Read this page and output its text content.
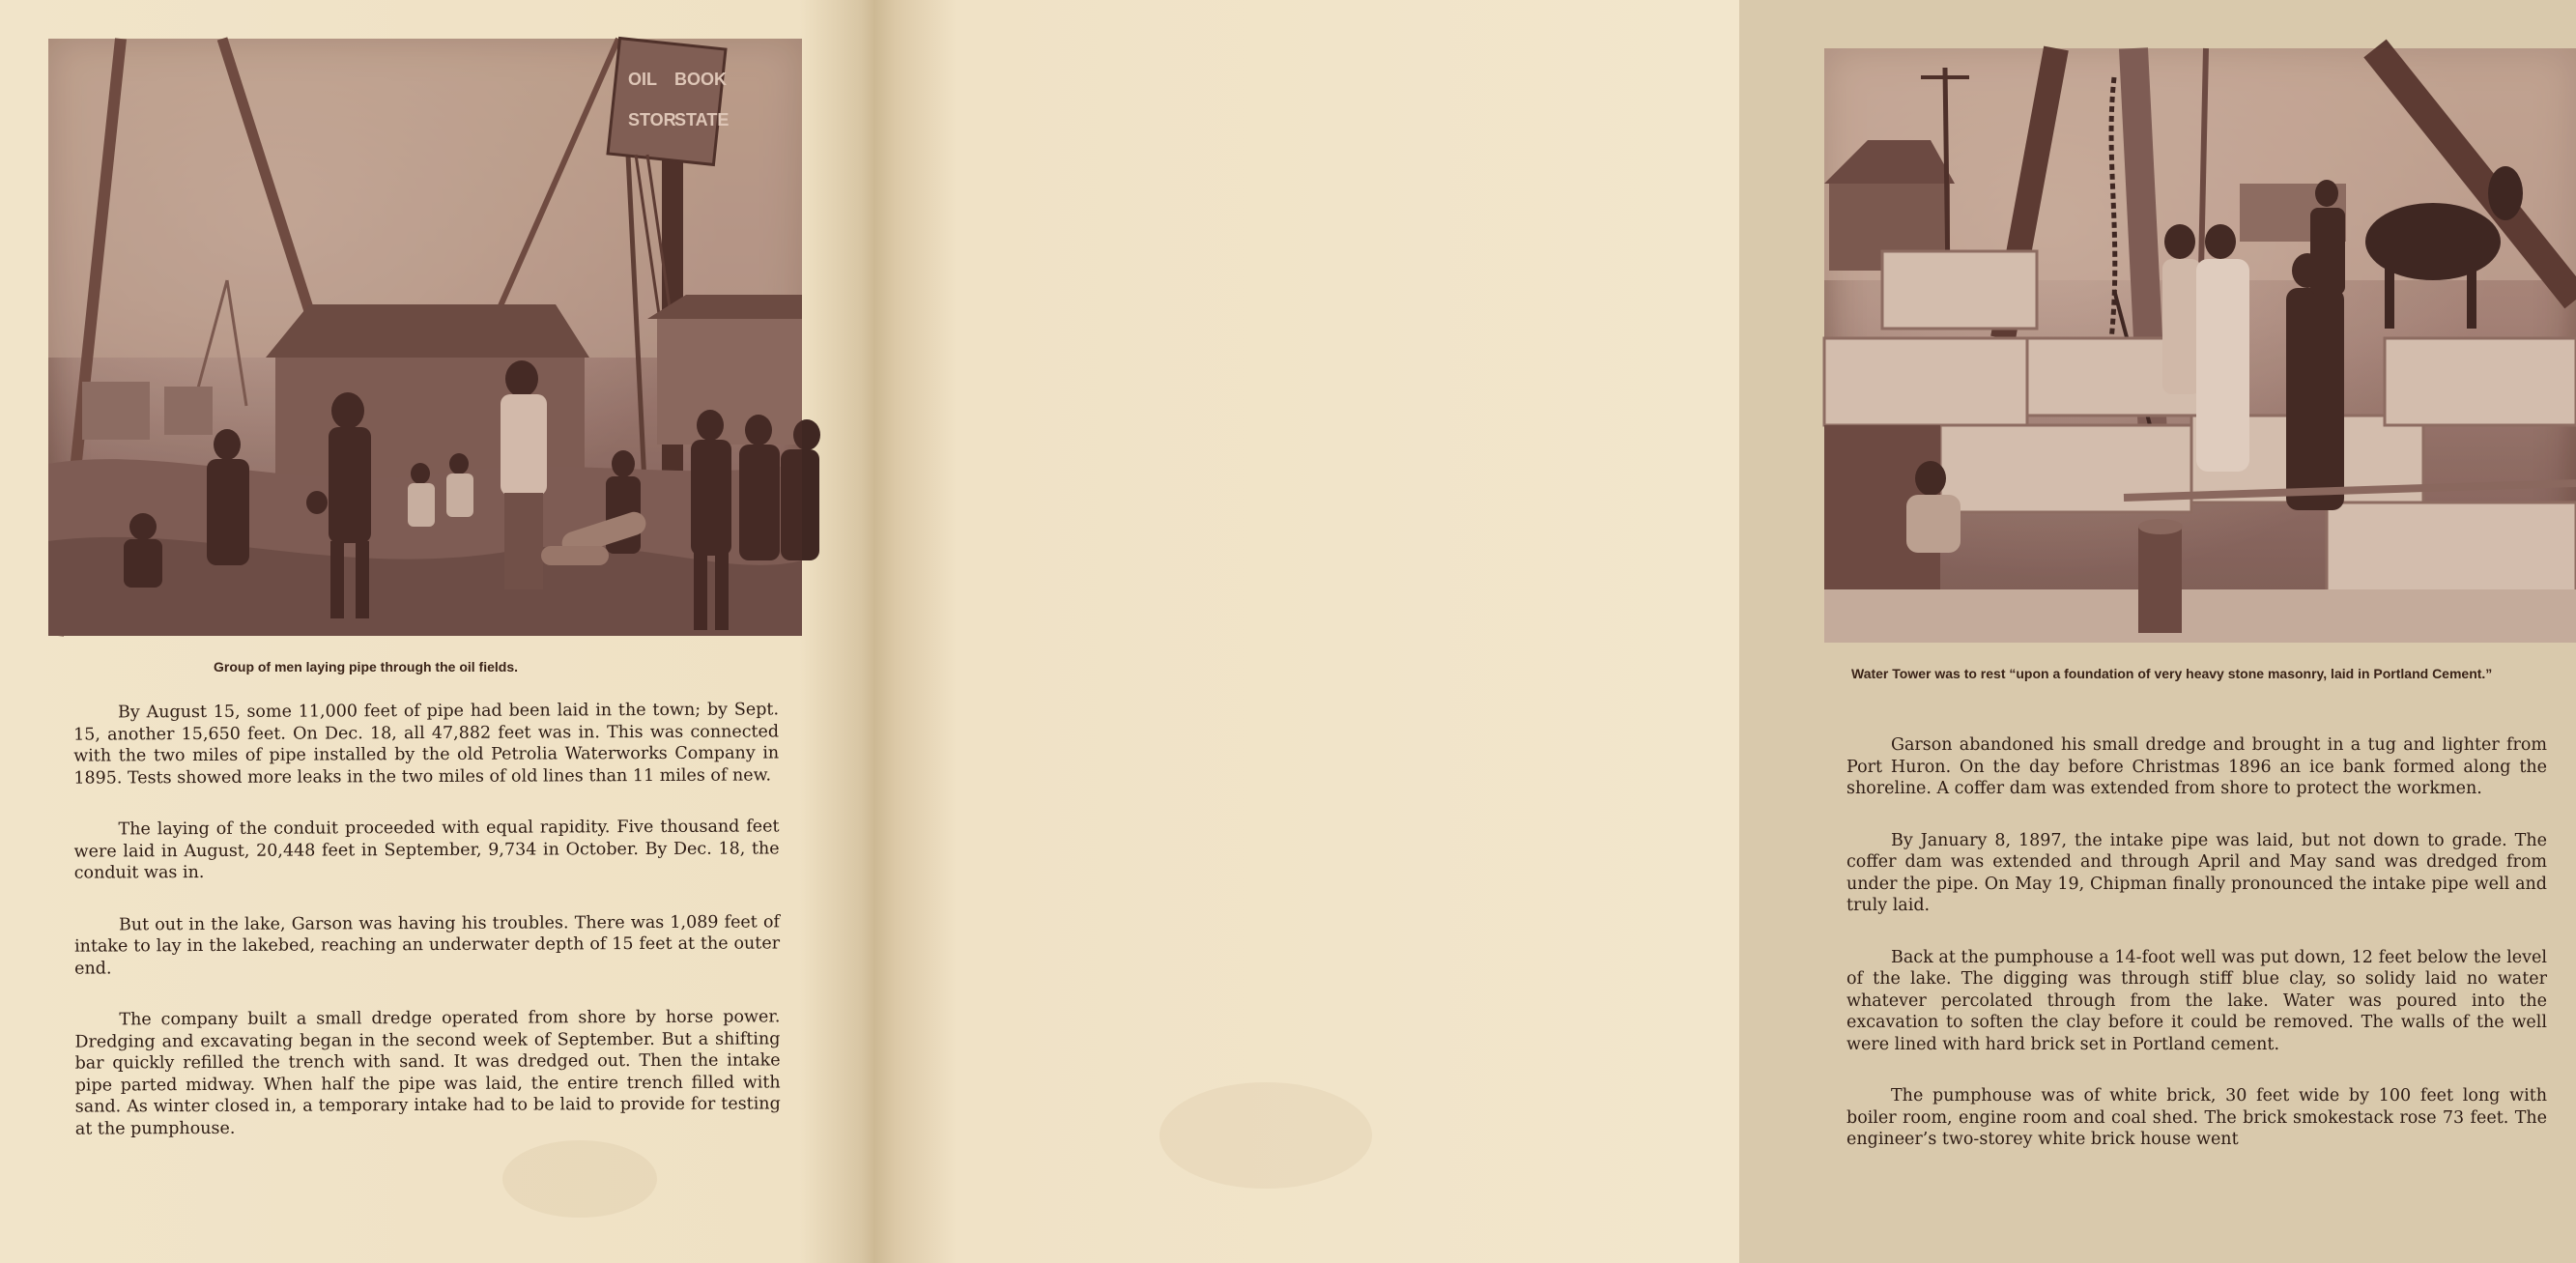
OIL BOOK
STOR
STATE
Group of men laying pipe through the oil fields.

By August 15, some 11,000 feet of pipe had been laid in the town; by Sept. 15, another 15,650 feet. On Dec. 18, all 47,882 feet was in. This was connected with the two miles of pipe installed by the old Petrolia Waterworks Company in 1895. Tests showed more leaks in the two miles of old lines than 11 miles of new.

The laying of the conduit proceeded with equal rapidity. Five thousand feet were laid in August, 20,448 feet in September, 9,734 in October. By Dec. 18, the conduit was in.

But out in the lake, Garson was having his troubles. There was 1,089 feet of intake to lay in the lakebed, reaching an underwater depth of 15 feet at the outer end.

The company built a small dredge operated from shore by horse power. Dredging and excavating began in the second week of September. But a shifting bar quickly refilled the trench with sand. It was dredged out. Then the intake pipe parted midway. When half the pipe was laid, the entire trench filled with sand. As winter closed in, a temporary intake had to be laid to provide for testing at the pumphouse.

Water Tower was to rest “upon a foundation of very heavy stone masonry, laid in Portland Cement.”

Garson abandoned his small dredge and brought in a tug and lighter from Port Huron. On the day before Christmas 1896 an ice bank formed along the shoreline. A coffer dam was extended from shore to protect the workmen.

By January 8, 1897, the intake pipe was laid, but not down to grade. The coffer dam was extended and through April and May sand was dredged from under the pipe. On May 19, Chipman finally pronounced the intake pipe well and truly laid.

Back at the pumphouse a 14-foot well was put down, 12 feet below the level of the lake. The digging was through stiff blue clay, so solidy laid no water whatever percolated through from the lake. Water was poured into the excavation to soften the clay before it could be removed. The walls of the well were lined with hard brick set in Portland cement.

The pumphouse was of white brick, 30 feet wide by 100 feet long with boiler room, engine room and coal shed. The brick smokestack rose 73 feet. The engineer’s two-storey white brick house went
